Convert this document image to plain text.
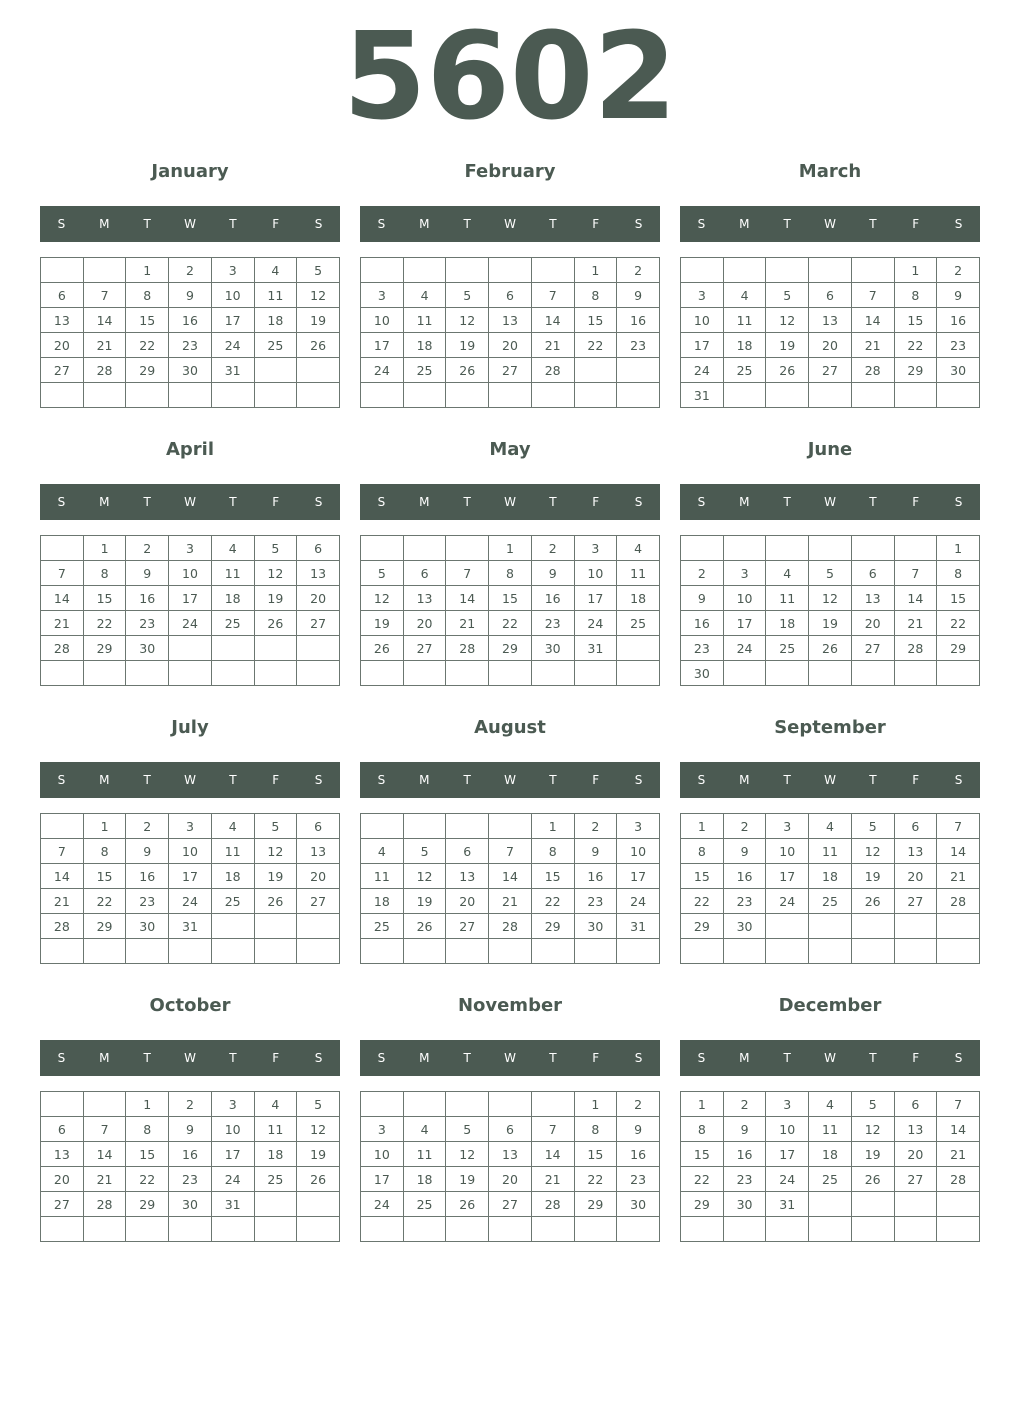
5602
January
S	M	T	W	T	F	S
		1	2	3	4	5
6	7	8	9	10	11	12
13	14	15	16	17	18	19
20	21	22	23	24	25	26
27	28	29	30	31		

February
S	M	T	W	T	F	S
					1	2
3	4	5	6	7	8	9
10	11	12	13	14	15	16
17	18	19	20	21	22	23
24	25	26	27	28		

March
S	M	T	W	T	F	S
					1	2
3	4	5	6	7	8	9
10	11	12	13	14	15	16
17	18	19	20	21	22	23
24	25	26	27	28	29	30
31						
April
S	M	T	W	T	F	S
	1	2	3	4	5	6
7	8	9	10	11	12	13
14	15	16	17	18	19	20
21	22	23	24	25	26	27
28	29	30				

May
S	M	T	W	T	F	S
			1	2	3	4
5	6	7	8	9	10	11
12	13	14	15	16	17	18
19	20	21	22	23	24	25
26	27	28	29	30	31	

June
S	M	T	W	T	F	S
						1
2	3	4	5	6	7	8
9	10	11	12	13	14	15
16	17	18	19	20	21	22
23	24	25	26	27	28	29
30						
July
S	M	T	W	T	F	S
	1	2	3	4	5	6
7	8	9	10	11	12	13
14	15	16	17	18	19	20
21	22	23	24	25	26	27
28	29	30	31			

August
S	M	T	W	T	F	S
				1	2	3
4	5	6	7	8	9	10
11	12	13	14	15	16	17
18	19	20	21	22	23	24
25	26	27	28	29	30	31

September
S	M	T	W	T	F	S
1	2	3	4	5	6	7
8	9	10	11	12	13	14
15	16	17	18	19	20	21
22	23	24	25	26	27	28
29	30					

October
S	M	T	W	T	F	S
		1	2	3	4	5
6	7	8	9	10	11	12
13	14	15	16	17	18	19
20	21	22	23	24	25	26
27	28	29	30	31		

November
S	M	T	W	T	F	S
					1	2
3	4	5	6	7	8	9
10	11	12	13	14	15	16
17	18	19	20	21	22	23
24	25	26	27	28	29	30

December
S	M	T	W	T	F	S
1	2	3	4	5	6	7
8	9	10	11	12	13	14
15	16	17	18	19	20	21
22	23	24	25	26	27	28
29	30	31				
